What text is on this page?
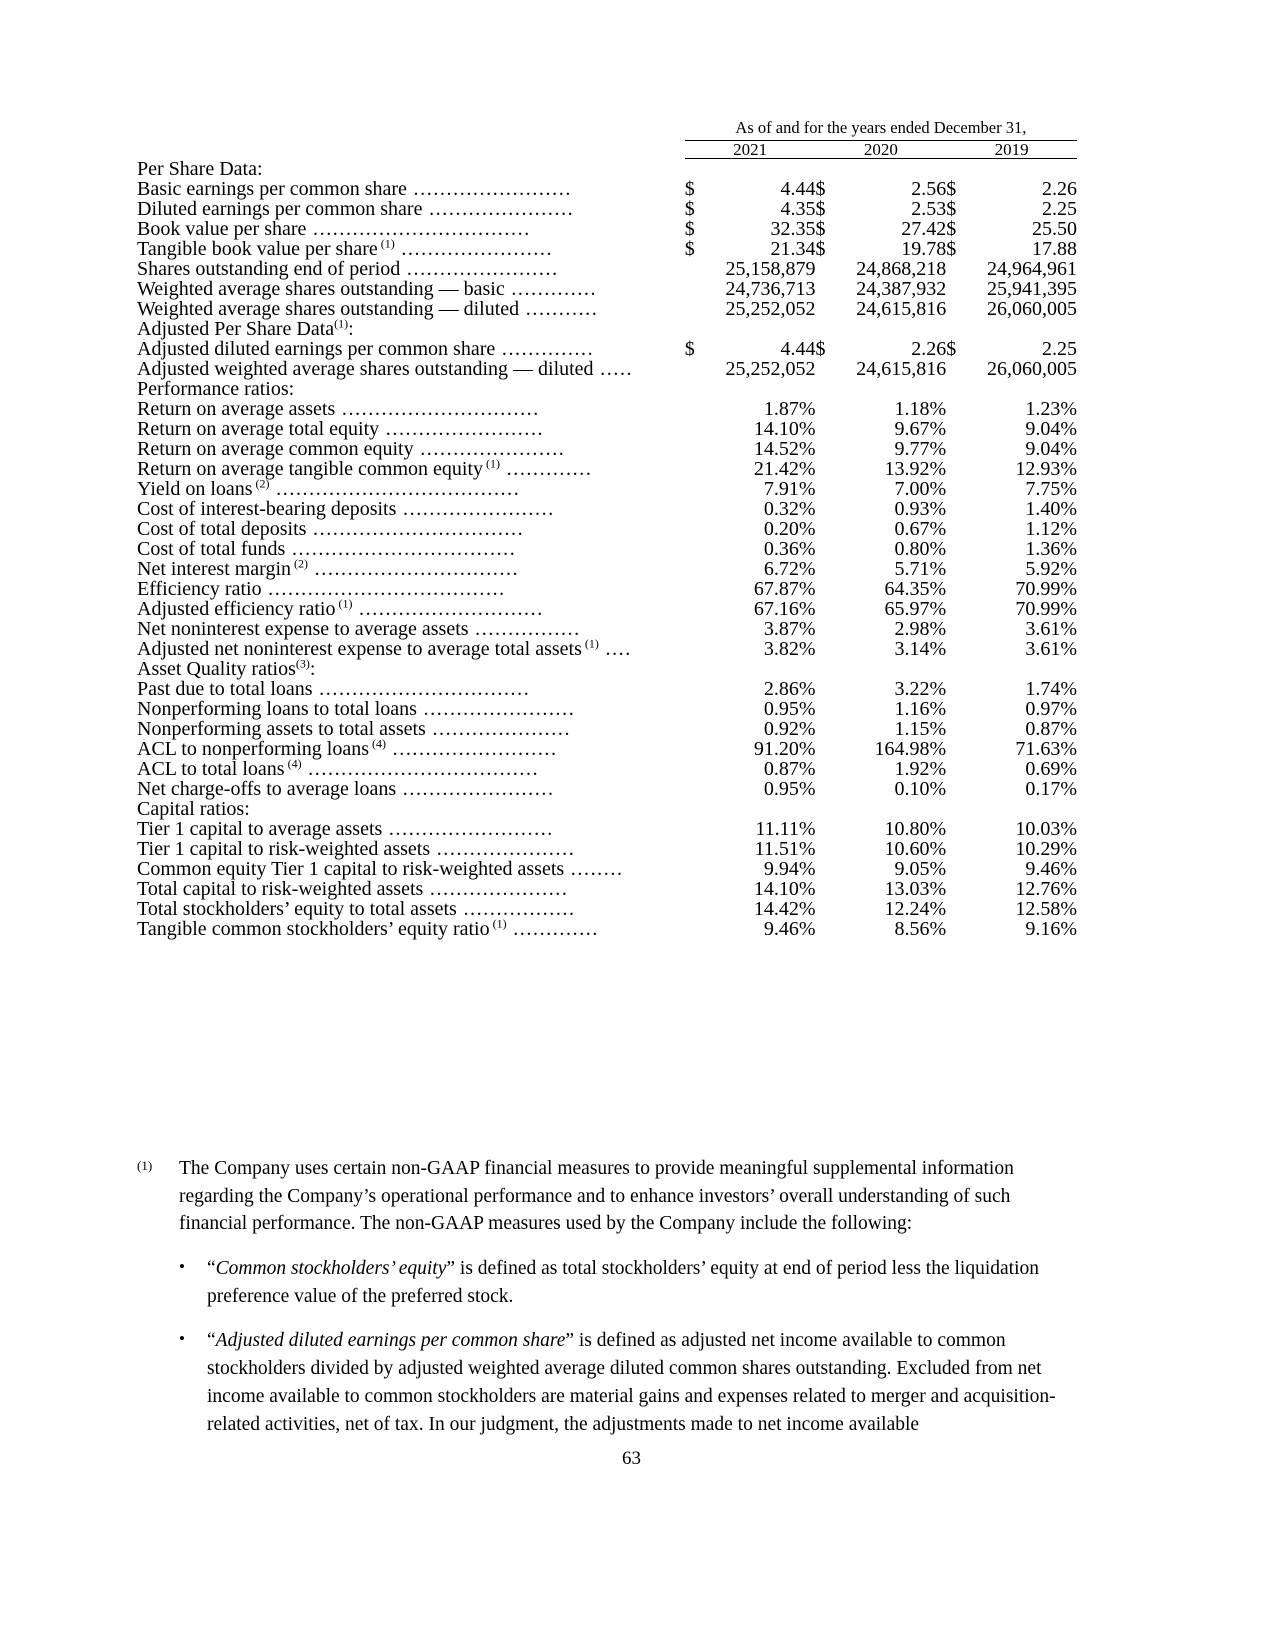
	As of and for the years ended December 31,					

	2021		2020		2019	

Per Share Data:						
Basic earnings per common share ........................	$	4.44	$	2.56	$	2.26
Diluted earnings per common share ......................	$	4.35	$	2.53	$	2.25
Book value per share .................................	$	32.35	$	27.42	$	25.50
Tangible book value per share $^{(1)}$ .......................	$	21.34	$	19.78	$	17.88
Shares outstanding end of period .......................		25,158,879		24,868,218		24,964,961
Weighted average shares outstanding — basic .............		24,736,713		24,387,932		25,941,395
Weighted average shares outstanding — diluted ...........		25,252,052		24,615,816		26,060,005
Adjusted Per Share Data$^{(1)}$:						
Adjusted diluted earnings per common share ..............	$	4.44	$	2.26	$	2.25
Adjusted weighted average shares outstanding — diluted .....		25,252,052		24,615,816		26,060,005
Performance ratios:						
Return on average assets ..............................		1.87%		1.18%		1.23%
Return on average total equity ........................		14.10%		9.67%		9.04%
Return on average common equity ......................		14.52%		9.77%		9.04%
Return on average tangible common equity $^{(1)}$ .............		21.42%		13.92%		12.93%
Yield on loans $^{(2)}$ .....................................		7.91%		7.00%		7.75%
Cost of interest-bearing deposits .......................		0.32%		0.93%		1.40%
Cost of total deposits ................................		0.20%		0.67%		1.12%
Cost of total funds ..................................		0.36%		0.80%		1.36%
Net interest margin $^{(2)}$ ...............................		6.72%		5.71%		5.92%
Efficiency ratio ....................................		67.87%		64.35%		70.99%
Adjusted efficiency ratio $^{(1)}$ ............................		67.16%		65.97%		70.99%
Net noninterest expense to average assets ................		3.87%		2.98%		3.61%
Adjusted net noninterest expense to average total assets $^{(1)}$ ....		3.82%		3.14%		3.61%
Asset Quality ratios$^{(3)}$:						
Past due to total loans ................................		2.86%		3.22%		1.74%
Nonperforming loans to total loans .......................		0.95%		1.16%		0.97%
Nonperforming assets to total assets .....................		0.92%		1.15%		0.87%
ACL to nonperforming loans $^{(4)}$ .........................		91.20%		164.98%		71.63%
ACL to total loans $^{(4)}$ ...................................		0.87%		1.92%		0.69%
Net charge-offs to average loans .......................		0.95%		0.10%		0.17%
Capital ratios:						
Tier 1 capital to average assets .........................		11.11%		10.80%		10.03%
Tier 1 capital to risk-weighted assets .....................		11.51%		10.60%		10.29%
Common equity Tier 1 capital to risk-weighted assets ........		9.94%		9.05%		9.46%
Total capital to risk-weighted assets .....................		14.10%		13.03%		12.76%
Total stockholders’ equity to total assets .................		14.42%		12.24%		12.58%
Tangible common stockholders’ equity ratio $^{(1)}$ .............		9.46%		8.56%		9.16%
(1)	The Company uses certain non-GAAP financial measures to provide meaningful supplemental information regarding the Company’s operational performance and to enhance investors’ overall understanding of such financial performance. The non-GAAP measures used by the Company include the following:
•	“Common stockholders’ equity” is defined as total stockholders’ equity at end of period less the liquidation preference value of the preferred stock.
•	“Adjusted diluted earnings per common share” is defined as adjusted net income available to common stockholders divided by adjusted weighted average diluted common shares outstanding. Excluded from net income available to common stockholders are material gains and expenses related to merger and acquisition-related activities, net of tax. In our judgment, the adjustments made to net income available
63
